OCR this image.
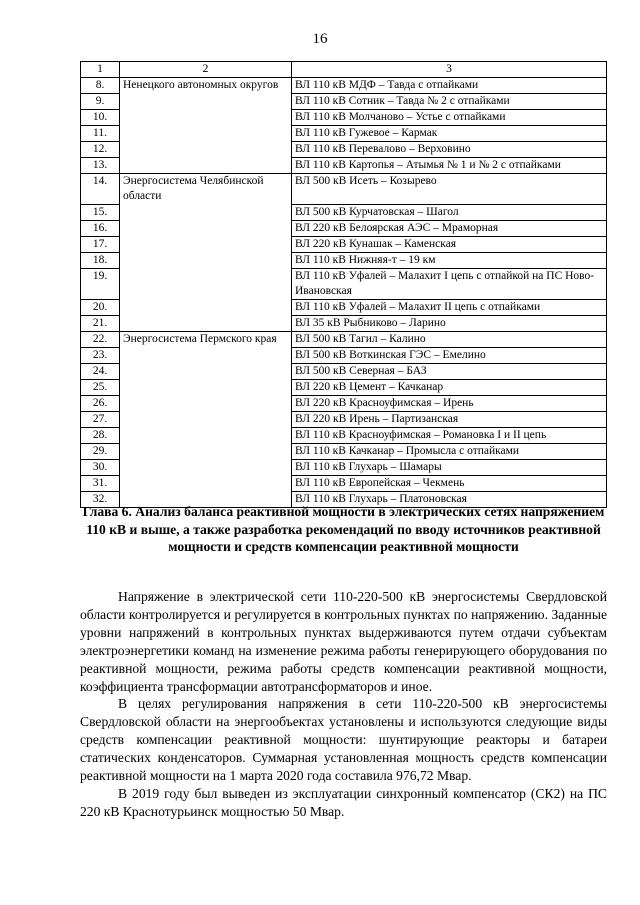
16
1	2	3
8.	Ненецкого автономных округов	ВЛ 110 кВ МДФ – Тавда с отпайками
9.		ВЛ 110 кВ Сотник – Тавда № 2 с отпайками
10.		ВЛ 110 кВ Молчаново – Устье с отпайками
11.		ВЛ 110 кВ Гужевое – Кармак
12.		ВЛ 110 кВ Перевалово – Верховино
13.		ВЛ 110 кВ Картопья – Атымья № 1 и № 2 с отпайками
14.	Энергосистема Челябинской области	ВЛ 500 кВ Исеть – Козырево
15.		ВЛ 500 кВ Курчатовская – Шагол
16.		ВЛ 220 кВ Белоярская АЭС – Мраморная
17.		ВЛ 220 кВ Кунашак – Каменская
18.		ВЛ 110 кВ Нижняя-т – 19 км
19.		ВЛ 110 кВ Уфалей – Малахит I цепь с отпайкой на ПС Ново-Ивановская
20.		ВЛ 110 кВ Уфалей – Малахит II цепь с отпайками
21.		ВЛ 35 кВ Рыбниково – Ларино
22.	Энергосистема Пермского края	ВЛ 500 кВ Тагил – Калино
23.		ВЛ 500 кВ Воткинская ГЭС – Емелино
24.		ВЛ 500 кВ Северная – БАЗ
25.		ВЛ 220 кВ Цемент – Качканар
26.		ВЛ 220 кВ Красноуфимская – Ирень
27.		ВЛ 220 кВ Ирень – Партизанская
28.		ВЛ 110 кВ Красноуфимская – Романовка I и II цепь
29.		ВЛ 110 кВ Качканар – Промысла с отпайками
30.		ВЛ 110 кВ Глухарь – Шамары
31.		ВЛ 110 кВ Европейская – Чекмень
32.		ВЛ 110 кВ Глухарь – Платоновская
Глава 6. Анализ баланса реактивной мощности в электрических сетях напряжением 110 кВ и выше, а также разработка рекомендаций по вводу источников реактивной мощности и средств компенсации реактивной мощности

Напряжение в электрической сети 110-220-500 кВ энергосистемы Свердловской области контролируется и регулируется в контрольных пунктах по напряжению. Заданные уровни напряжений в контрольных пунктах выдерживаются путем отдачи субъектам электроэнергетики команд на изменение режима работы генерирующего оборудования по реактивной мощности, режима работы средств компенсации реактивной мощности, коэффициента трансформации автотрансформаторов и иное.

В целях регулирования напряжения в сети 110-220-500 кВ энергосистемы Свердловской области на энергообъектах установлены и используются следующие виды средств компенсации реактивной мощности: шунтирующие реакторы и батареи статических конденсаторов. Суммарная установленная мощность средств компенсации реактивной мощности на 1 марта 2020 года составила 976,72 Мвар.

В 2019 году был выведен из эксплуатации синхронный компенсатор (СК2) на ПС 220 кВ Краснотурьинск мощностью 50 Мвар.
